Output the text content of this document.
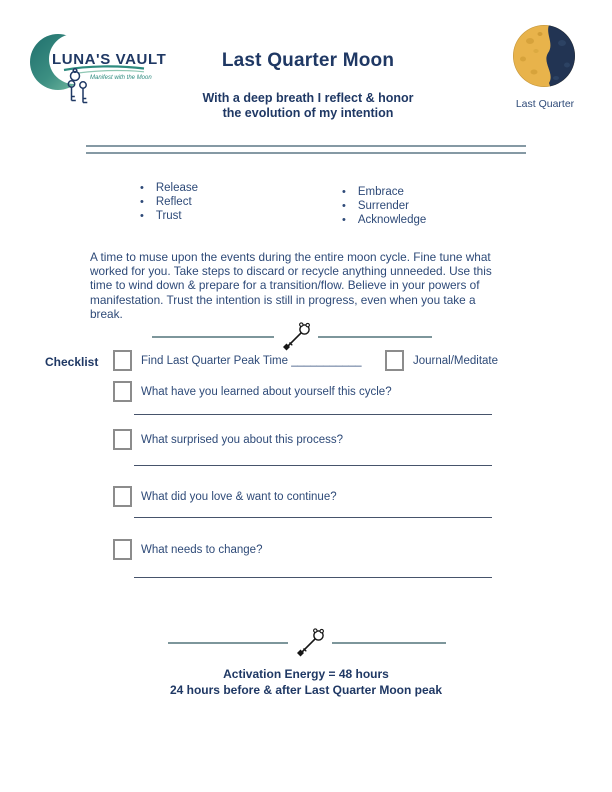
LUNA'S VAULT
Manifest with the Moon
Last Quarter Moon
With a deep breath I reflect & honor
the evolution of my intention
Last Quarter
• Release
• Reflect
• Trust
• Embrace
• Surrender
• Acknowledge
A time to muse upon the events during the entire moon cycle. Fine tune what worked for you. Take steps to discard or recycle anything unneeded. Use this time to wind down & prepare for a transition/flow. Believe in your powers of manifestation. Trust the intention is still in progress, even when you take a break.
Checklist	Find Last Quarter Peak Time ___________	Journal/Meditate
What have you learned about yourself this cycle?
What surprised you about this process?
What did you love & want to continue?
What needs to change?
Activation Energy = 48 hours
24 hours before & after Last Quarter Moon peak
